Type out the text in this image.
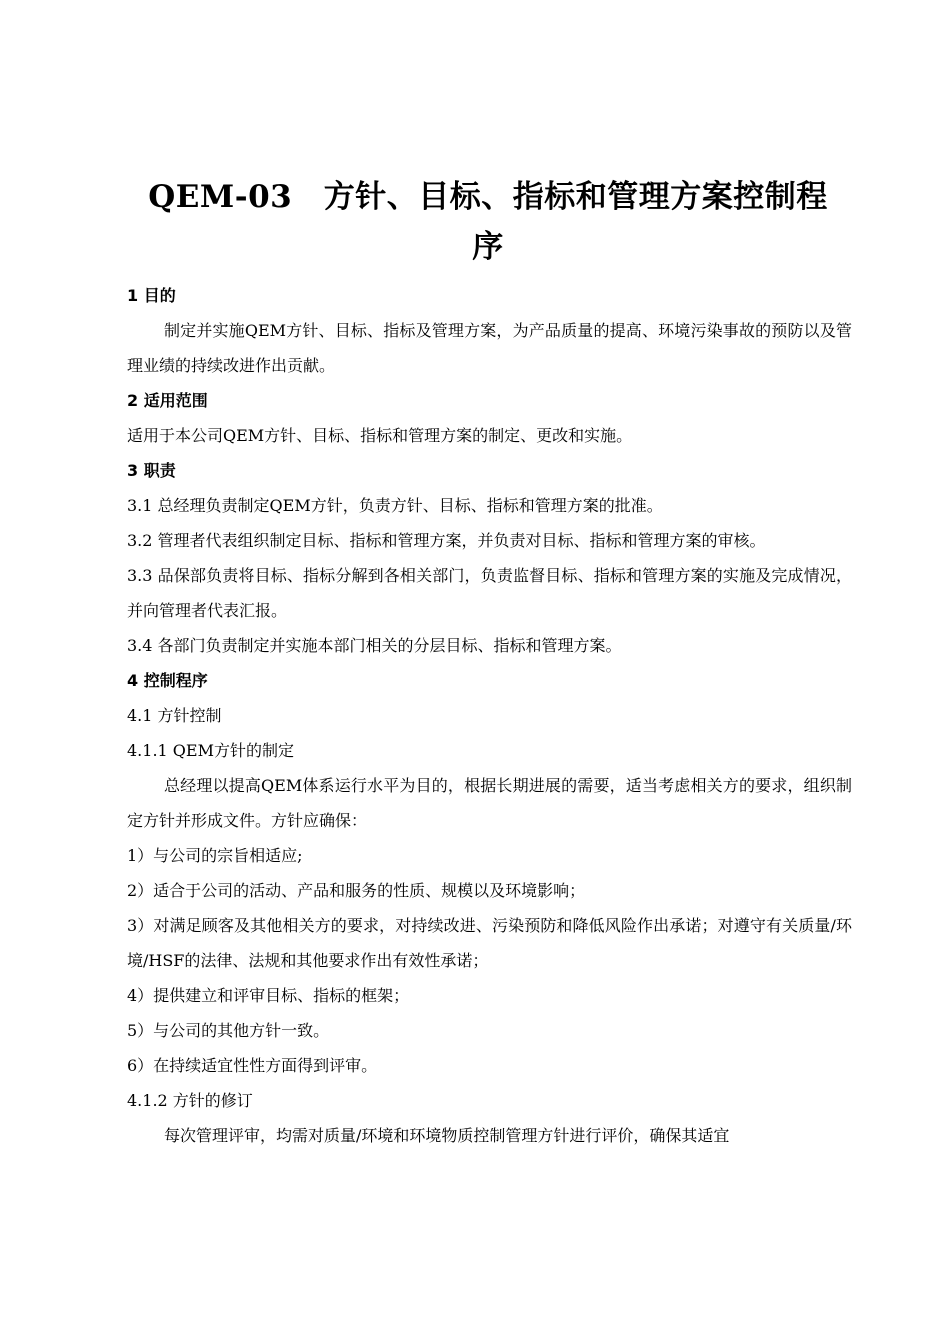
QEM-03　方针、目标、指标和管理方案控制程
序
1 目的
制定并实施QEM方针、目标、指标及管理方案，为产品质量的提高、环境污染事故的预防以及管理业绩的持续改进作出贡献。
2 适用范围
适用于本公司QEM方针、目标、指标和管理方案的制定、更改和实施。
3 职责
3.1 总经理负责制定QEM方针，负责方针、目标、指标和管理方案的批准。
3.2 管理者代表组织制定目标、指标和管理方案，并负责对目标、指标和管理方案的审核。
3.3 品保部负责将目标、指标分解到各相关部门，负责监督目标、指标和管理方案的实施及完成情况，并向管理者代表汇报。
3.4 各部门负责制定并实施本部门相关的分层目标、指标和管理方案。
4 控制程序
4.1 方针控制
4.1.1 QEM方针的制定
总经理以提高QEM体系运行水平为目的，根据长期进展的需要，适当考虑相关方的要求，组织制定方针并形成文件。方针应确保：
1）与公司的宗旨相适应;
2）适合于公司的活动、产品和服务的性质、规模以及环境影响；
3）对满足顾客及其他相关方的要求，对持续改进、污染预防和降低风险作出承诺；对遵守有关质量/环境/HSF的法律、法规和其他要求作出有效性承诺；
4）提供建立和评审目标、指标的框架；
5）与公司的其他方针一致。
6）在持续适宜性性方面得到评审。
4.1.2 方针的修订
每次管理评审，均需对质量/环境和环境物质控制管理方针进行评价，确保其适宜
